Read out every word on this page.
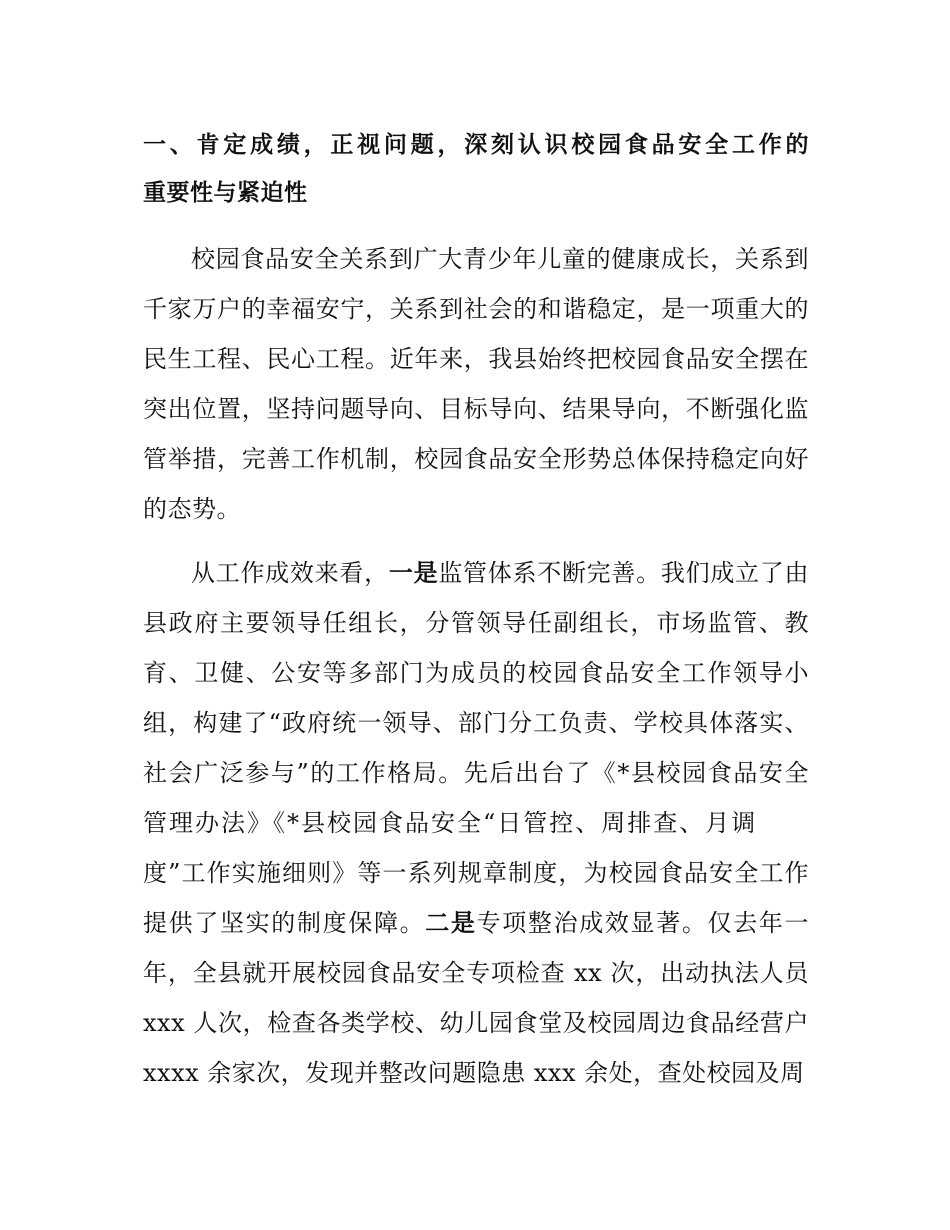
一、肯定成绩，正视问题，深刻认识校园食品安全工作的
重要性与紧迫性
校园食品安全关系到广大青少年儿童的健康成长，关系到
千家万户的幸福安宁，关系到社会的和谐稳定，是一项重大的
民生工程、民心工程。近年来，我县始终把校园食品安全摆在
突出位置，坚持问题导向、目标导向、结果导向，不断强化监
管举措，完善工作机制，校园食品安全形势总体保持稳定向好
的态势。
从工作成效来看，一是监管体系不断完善。我们成立了由
县政府主要领导任组长，分管领导任副组长，市场监管、教
育、卫健、公安等多部门为成员的校园食品安全工作领导小
组，构建了“政府统一领导、部门分工负责、学校具体落实、
社会广泛参与”的工作格局。先后出台了《*县校园食品安全
管理办法》《*县校园食品安全“日管控、周排查、月调
度”工作实施细则》等一系列规章制度，为校园食品安全工作
提供了坚实的制度保障。二是专项整治成效显著。仅去年一
年，全县就开展校园食品安全专项检查 xx 次，出动执法人员
xxx 人次，检查各类学校、幼儿园食堂及校园周边食品经营户
xxxx 余家次，发现并整改问题隐患 xxx 余处，查处校园及周
